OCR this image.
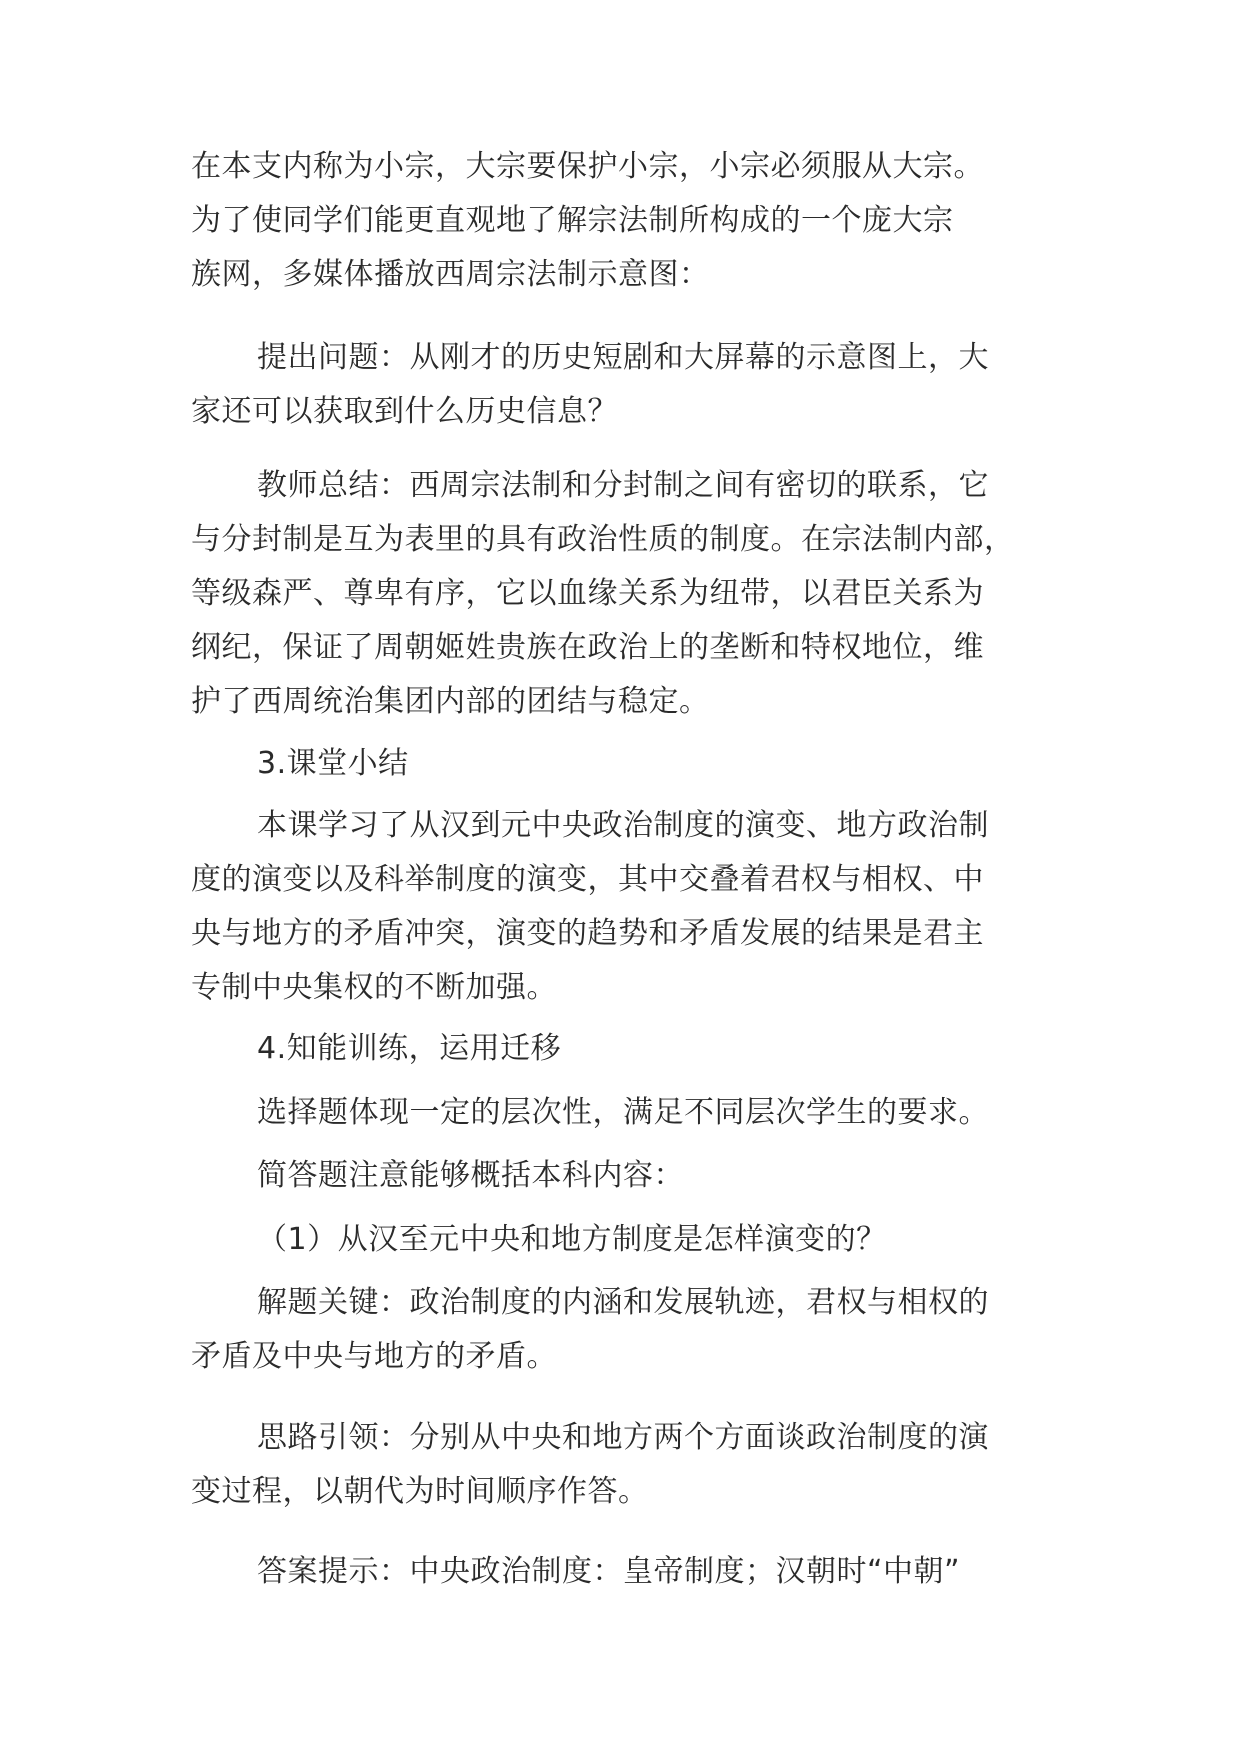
在本支内称为小宗，大宗要保护小宗，小宗必须服从大宗。

为了使同学们能更直观地了解宗法制所构成的一个庞大宗

族网，多媒体播放西周宗法制示意图：

提出问题：从刚才的历史短剧和大屏幕的示意图上，大

家还可以获取到什么历史信息？

教师总结：西周宗法制和分封制之间有密切的联系，它

与分封制是互为表里的具有政治性质的制度。在宗法制内部，

等级森严、尊卑有序，它以血缘关系为纽带，以君臣关系为

纲纪，保证了周朝姬姓贵族在政治上的垄断和特权地位，维

护了西周统治集团内部的团结与稳定。

3.课堂小结

本课学习了从汉到元中央政治制度的演变、地方政治制

度的演变以及科举制度的演变，其中交叠着君权与相权、中

央与地方的矛盾冲突，演变的趋势和矛盾发展的结果是君主

专制中央集权的不断加强。

4.知能训练，运用迁移

选择题体现一定的层次性，满足不同层次学生的要求。

简答题注意能够概括本科内容：

（1）从汉至元中央和地方制度是怎样演变的？

解题关键：政治制度的内涵和发展轨迹，君权与相权的

矛盾及中央与地方的矛盾。

思路引领：分别从中央和地方两个方面谈政治制度的演

变过程，以朝代为时间顺序作答。

答案提示：中央政治制度：皇帝制度；汉朝时“中朝”
